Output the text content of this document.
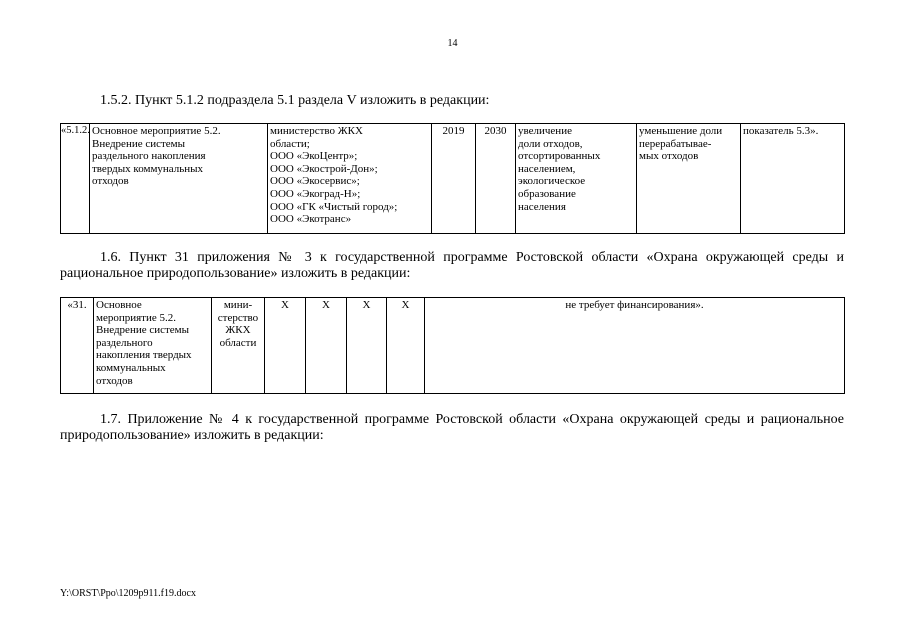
14
1.5.2. Пункт 5.1.2 подраздела 5.1 раздела V изложить в редакции:
«5.1.2.	Основное мероприятие 5.2.
Внедрение системы
раздельного накопления
твердых коммунальных
отходов	министерство ЖКХ
области;
ООО «ЭкоЦентр»;
ООО «Экострой-Дон»;
ООО «Экосервис»;
ООО «Экоград-Н»;
ООО «ГК «Чистый город»;
ООО «Экотранс»	2019	2030	увеличение
доли отходов,
отсортированных
населением,
экологическое
образование
населения	уменьшение доли
перерабатывае-
мых отходов	показатель 5.3».
1.6. Пункт 31 приложения № 3 к государственной программе Ростовской области «Охрана окружающей среды и рациональное природопользование» изложить в редакции:
«31.	Основное
мероприятие 5.2.
Внедрение системы
раздельного
накопления твердых
коммунальных
отходов	мини-
стерство
ЖКХ
области	Х	Х	Х	Х	не требует финансирования».
1.7. Приложение № 4 к государственной программе Ростовской области «Охрана окружающей среды и рациональное природопользование» изложить в редакции:
Y:\ORST\Ppo\1209p911.f19.docx
